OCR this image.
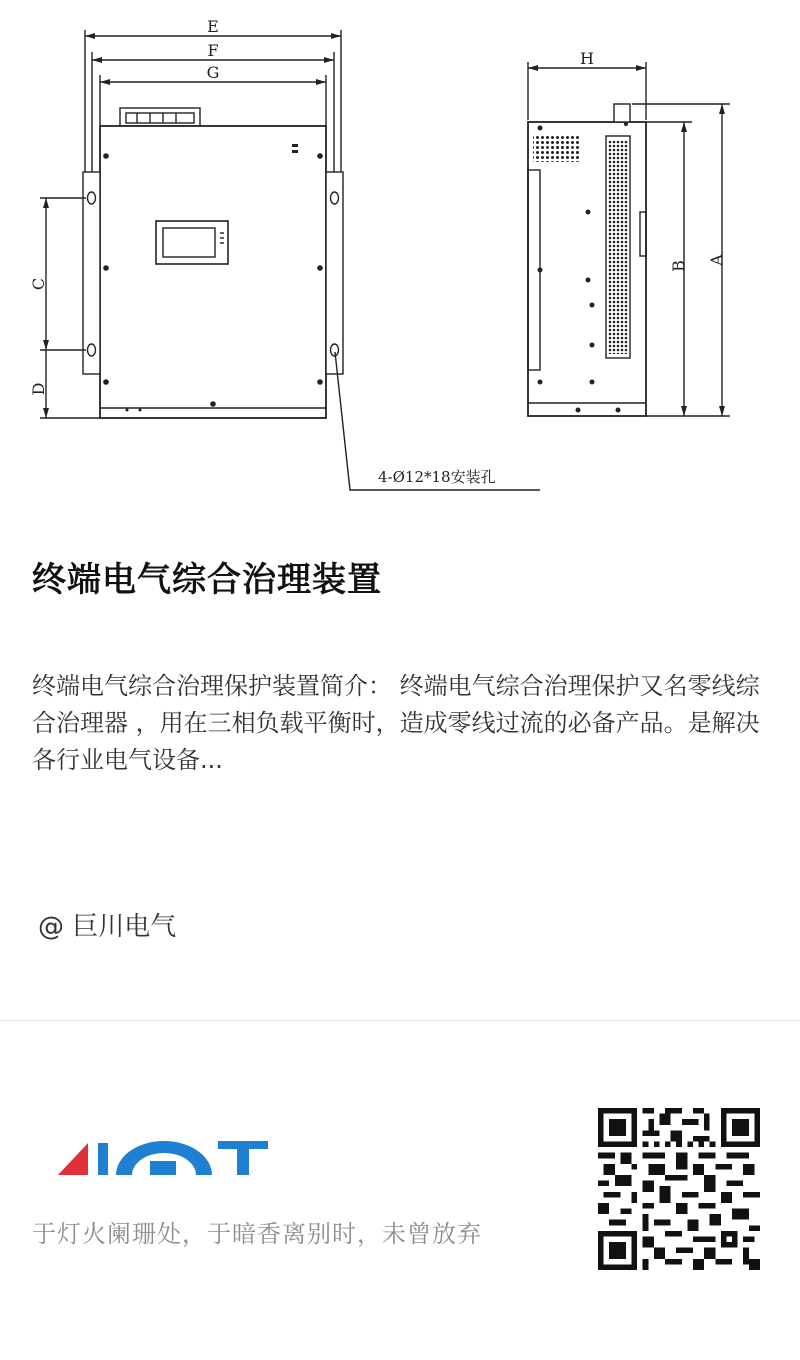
E
F
G
H
C
D
B
A
4-Ø12*18安装孔
终端电气综合治理装置
终端电气综合治理保护装置简介： 终端电气综合治理保护又名零线综合治理器 ，用在三相负载平衡时，造成零线过流的必备产品。是解决各行业电气设备...
@ 巨川电气
于灯火阑珊处，于暗香离别时，未曾放弃
